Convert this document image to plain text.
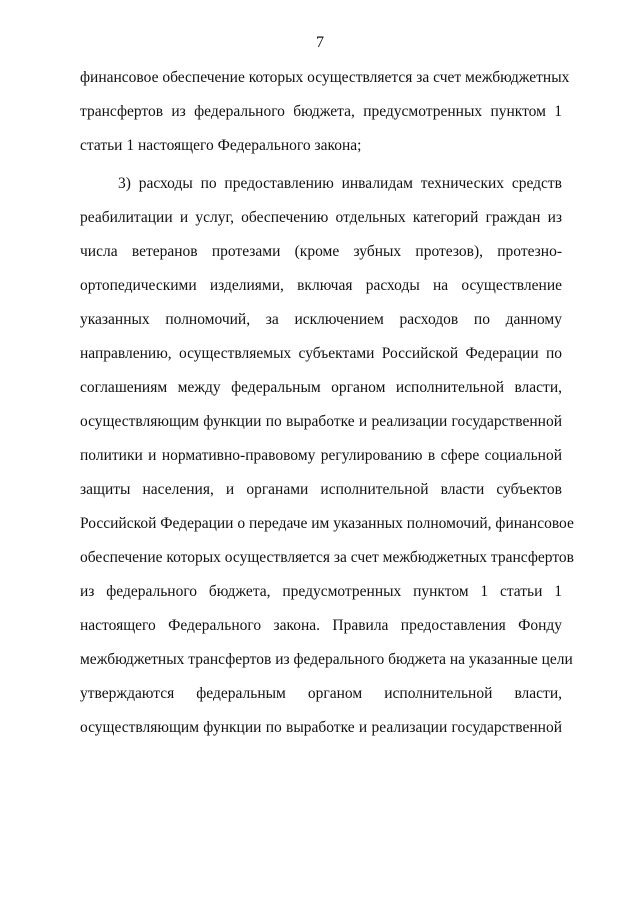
7
финансовое обеспечение которых осуществляется за счет межбюджетных
трансфертов из федерального бюджета, предусмотренных пунктом 1
статьи 1 настоящего Федерального закона;
3) расходы по предоставлению инвалидам технических средств
реабилитации и услуг, обеспечению отдельных категорий граждан из
числа ветеранов протезами (кроме зубных протезов), протезно-
ортопедическими изделиями, включая расходы на осуществление
указанных полномочий, за исключением расходов по данному
направлению, осуществляемых субъектами Российской Федерации по
соглашениям между федеральным органом исполнительной власти,
осуществляющим функции по выработке и реализации государственной
политики и нормативно-правовому регулированию в сфере социальной
защиты населения, и органами исполнительной власти субъектов
Российской Федерации о передаче им указанных полномочий, финансовое
обеспечение которых осуществляется за счет межбюджетных трансфертов
из федерального бюджета, предусмотренных пунктом 1 статьи 1
настоящего Федерального закона. Правила предоставления Фонду
межбюджетных трансфертов из федерального бюджета на указанные цели
утверждаются федеральным органом исполнительной власти,
осуществляющим функции по выработке и реализации государственной
